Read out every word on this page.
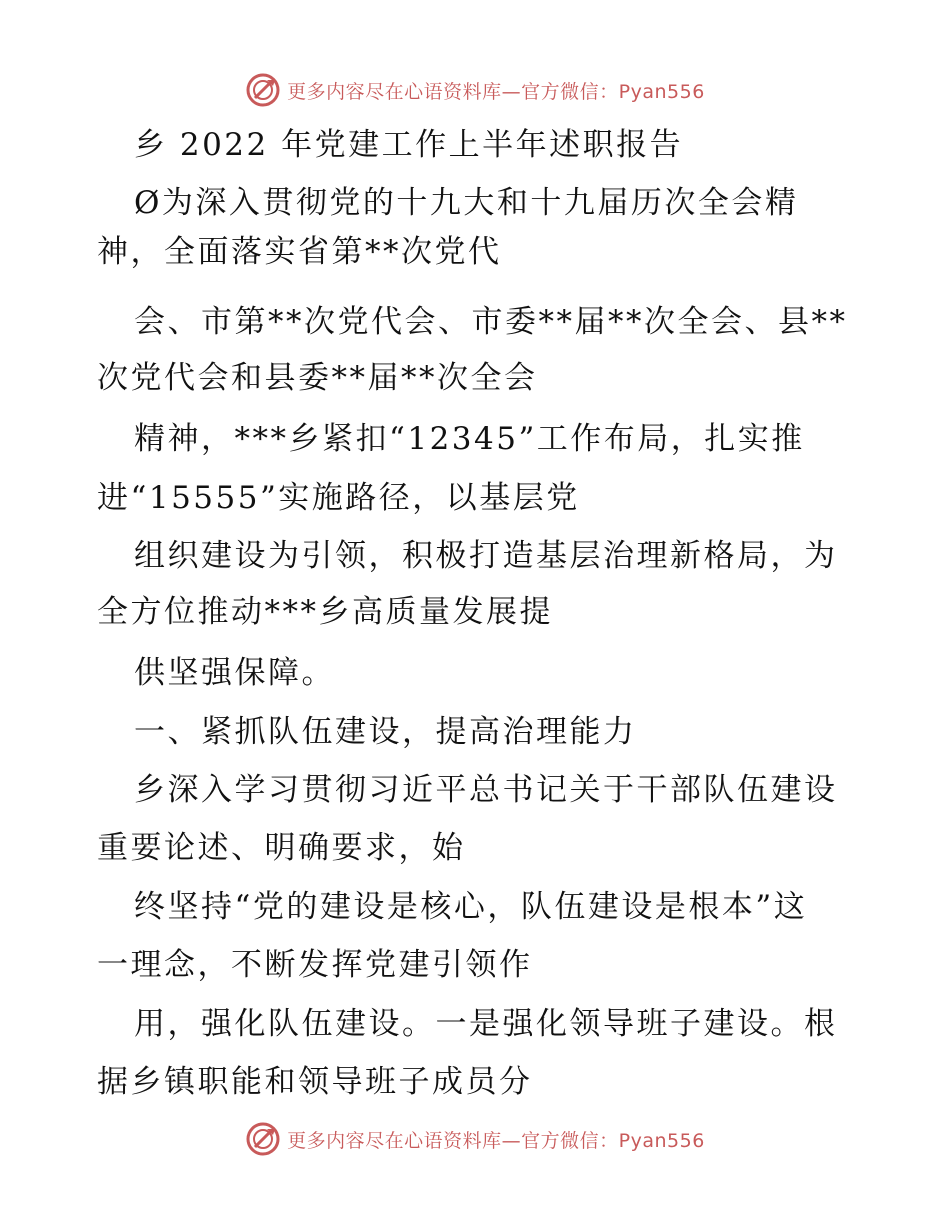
更多内容尽在心语资料库—官方微信：Pyan556
乡 2022 年党建工作上半年述职报告
Ø为深入贯彻党的十九大和十九届历次全会精
神，全面落实省第**次党代
会、市第**次党代会、市委**届**次全会、县**
次党代会和县委**届**次全会
精神，***乡紧扣“12345”工作布局，扎实推
进“15555”实施路径，以基层党
组织建设为引领，积极打造基层治理新格局，为
全方位推动***乡高质量发展提
供坚强保障。
一、紧抓队伍建设，提高治理能力
乡深入学习贯彻习近平总书记关于干部队伍建设
重要论述、明确要求，始
终坚持“党的建设是核心，队伍建设是根本”这
一理念，不断发挥党建引领作
用，强化队伍建设。一是强化领导班子建设。根
据乡镇职能和领导班子成员分
更多内容尽在心语资料库—官方微信：Pyan556
